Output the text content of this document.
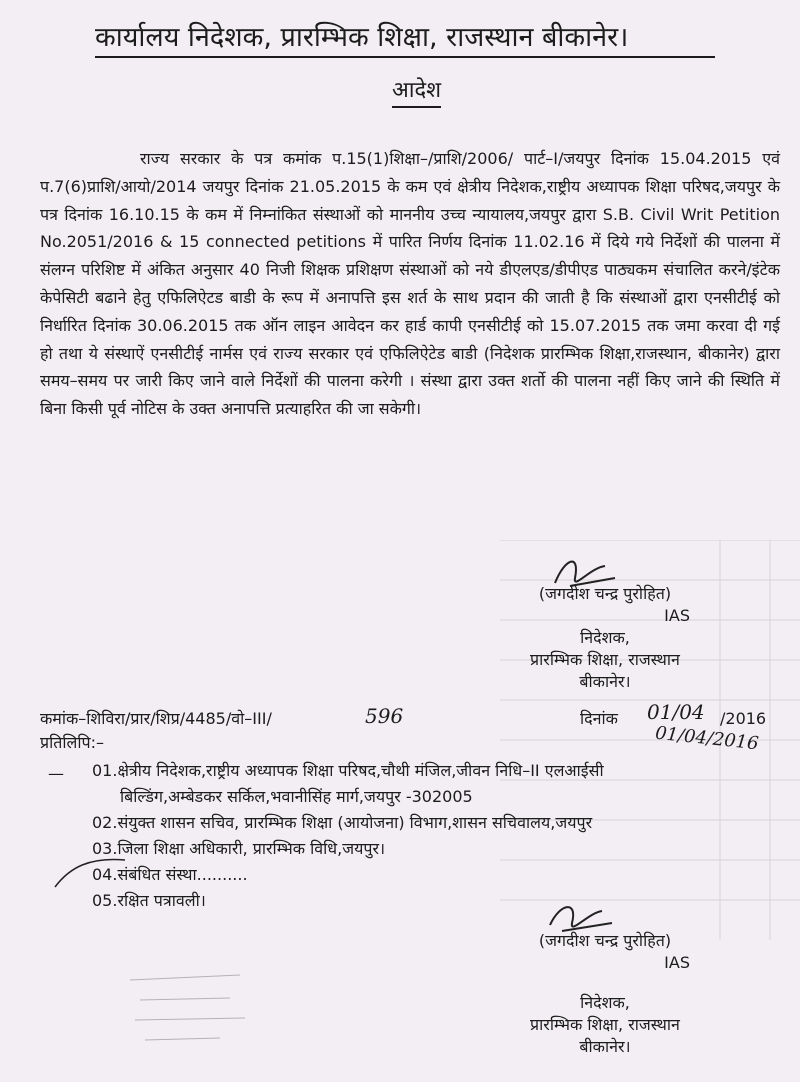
कार्यालय निदेशक, प्रारम्भिक शिक्षा, राजस्थान बीकानेर।
आदेश
राज्य सरकार के पत्र कमांक प.15(1)शिक्षा–/प्राशि/2006/ पार्ट–I/जयपुर दिनांक 15.04.2015 एवं प.7(6)प्राशि/आयो/2014 जयपुर दिनांक 21.05.2015 के कम एवं क्षेत्रीय निदेशक,राष्ट्रीय अध्यापक शिक्षा परिषद,जयपुर के पत्र दिनांक 16.10.15 के कम में निम्नांकित संस्थाओं को माननीय उच्च न्यायालय,जयपुर द्वारा S.B. Civil Writ Petition No.2051/2016 & 15 connected petitions में पारित निर्णय दिनांक 11.02.16 में दिये गये निर्देशों की पालना में संलग्न परिशिष्ट में अंकित अनुसार 40 निजी शिक्षक प्रशिक्षण संस्थाओं को नये डीएलएड/डीपीएड पाठ्यकम संचालित करने/इंटेक केपेसिटी बढाने हेतु एफिलिऐटड बाडी के रूप में अनापत्ति इस शर्त के साथ प्रदान की जाती है कि संस्थाओं द्वारा एनसीटीई को निर्धारित दिनांक 30.06.2015 तक ऑन लाइन आवेदन कर हार्ड कापी एनसीटीई को 15.07.2015 तक जमा करवा दी गई हो तथा ये संस्थाऐं एनसीटीई नार्मस एवं राज्य सरकार एवं एफिलिऐटेड बाडी (निदेशक प्रारम्भिक शिक्षा,राजस्थान, बीकानेर) द्वारा समय–समय पर जारी किए जाने वाले निर्देशों की पालना करेगी । संस्था द्वारा उक्त शर्तो की पालना नहीं किए जाने की स्थिति में बिना किसी पूर्व नोटिस के उक्त अनापत्ति प्रत्याहरित की जा सकेगी।
(जगदीश चन्द्र पुरोहित)
IAS
निदेशक,
प्रारम्भिक शिक्षा, राजस्थान
बीकानेर।
कमांक–शिविरा/प्रार/शिप्र/4485/वो–III/	दिनांक	/2016
596	01/04
01/04/2016
प्रतिलिपि:–
— 01.क्षेत्रीय निदेशक,राष्ट्रीय अध्यापक शिक्षा परिषद,चौथी मंजिल,जीवन निधि–II एलआईसी
बिल्डिंग,अम्बेडकर सर्किल,भवानीसिंह मार्ग,जयपुर -302005
02.संयुक्त शासन सचिव, प्रारम्भिक शिक्षा (आयोजना) विभाग,शासन सचिवालय,जयपुर
03.जिला शिक्षा अधिकारी, प्रारम्भिक विधि,जयपुर।
04.संबंधित संस्था..........
05.रक्षित पत्रावली।
(जगदीश चन्द्र पुरोहित)
IAS
निदेशक,
प्रारम्भिक शिक्षा, राजस्थान
बीकानेर।
